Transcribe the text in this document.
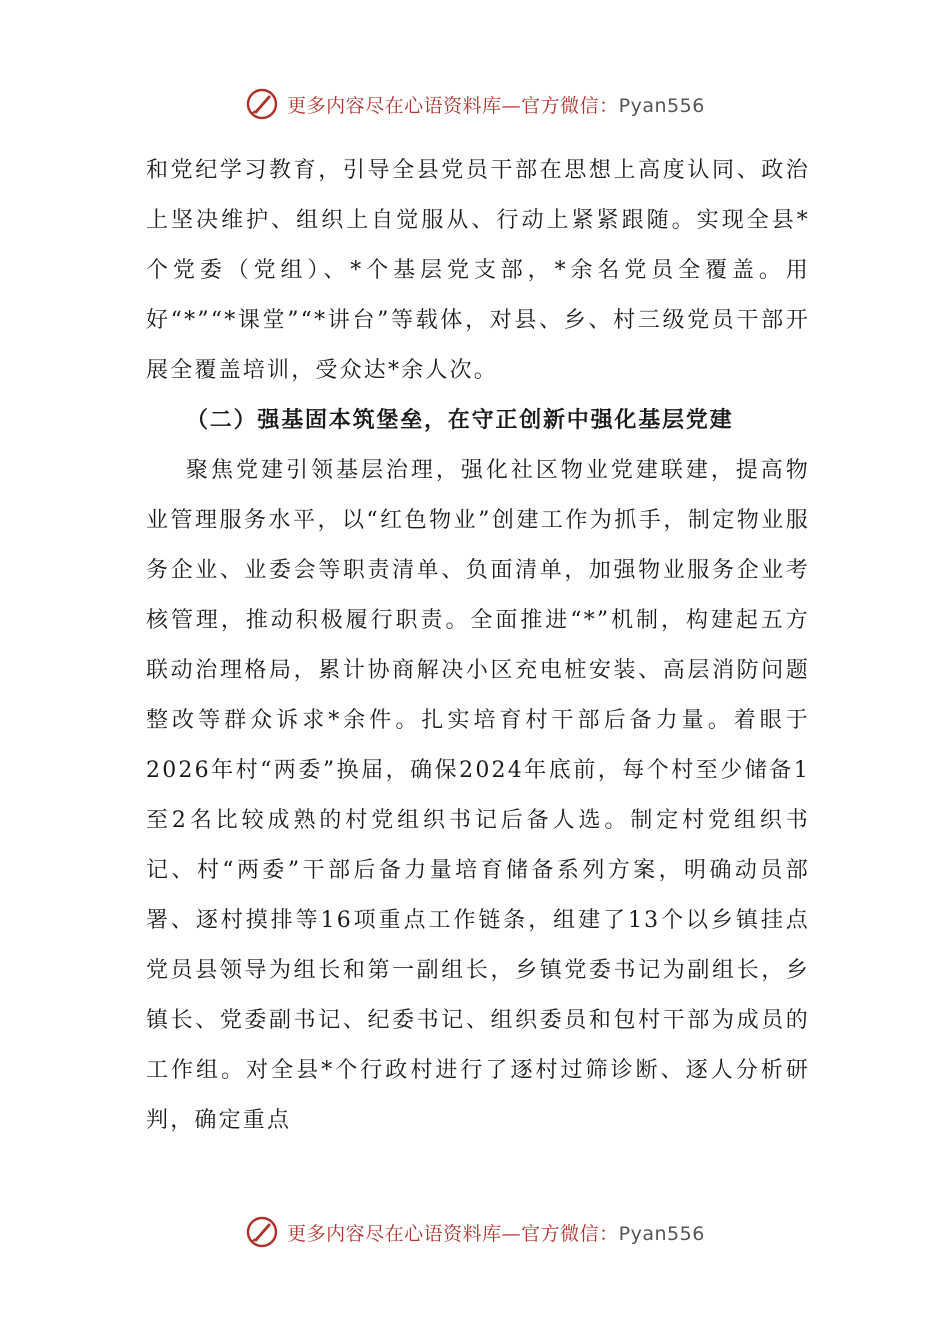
更多内容尽在心语资料库—官方微信：Pyan556

和党纪学习教育，引导全县党员干部在思想上高度认同、政治上坚决维护、组织上自觉服从、行动上紧紧跟随。实现全县*个党委（党组）、*个基层党支部，*余名党员全覆盖。用好“*”“*课堂”“*讲台”等载体，对县、乡、村三级党员干部开展全覆盖培训，受众达*余人次。

（二）强基固本筑堡垒，在守正创新中强化基层党建

聚焦党建引领基层治理，强化社区物业党建联建，提高物业管理服务水平，以“红色物业”创建工作为抓手，制定物业服务企业、业委会等职责清单、负面清单，加强物业服务企业考核管理，推动积极履行职责。全面推进“*”机制，构建起五方联动治理格局，累计协商解决小区充电桩安装、高层消防问题整改等群众诉求*余件。扎实培育村干部后备力量。着眼于2026年村“两委”换届，确保2024年底前，每个村至少储备1至2名比较成熟的村党组织书记后备人选。制定村党组织书记、村“两委”干部后备力量培育储备系列方案，明确动员部署、逐村摸排等16项重点工作链条，组建了13个以乡镇挂点党员县领导为组长和第一副组长，乡镇党委书记为副组长，乡镇长、党委副书记、纪委书记、组织委员和包村干部为成员的工作组。对全县*个行政村进行了逐村过筛诊断、逐人分析研判，确定重点

更多内容尽在心语资料库—官方微信：Pyan556
